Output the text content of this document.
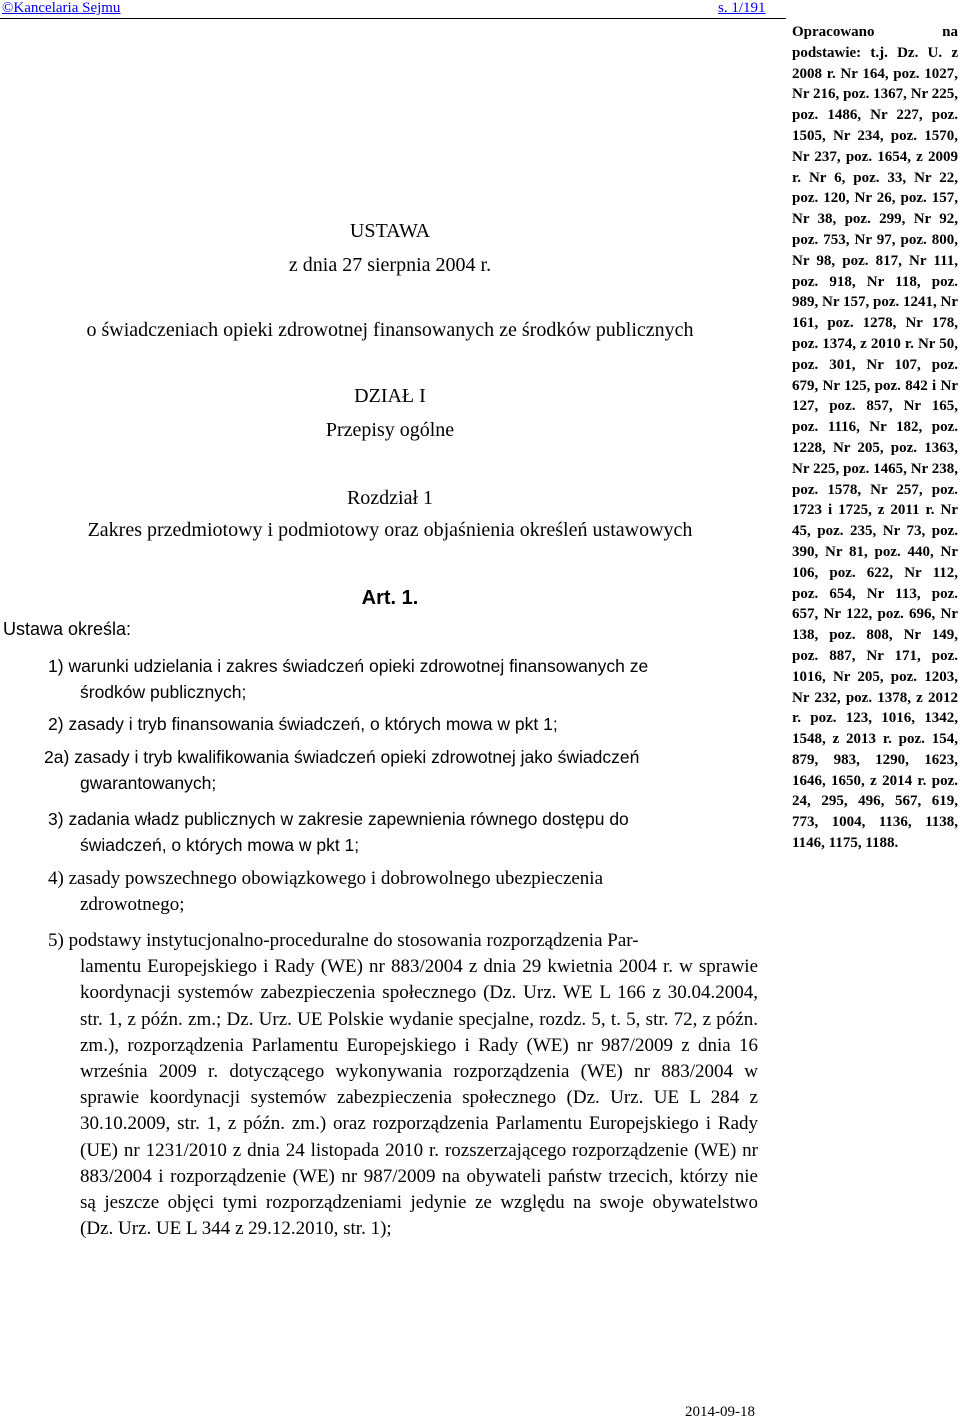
©Kancelaria Sejmu	s. 1/191
Opracowano na podstawie: t.j. Dz. U. z 2008 r. Nr 164, poz. 1027, Nr 216, poz. 1367, Nr 225, poz. 1486, Nr 227, poz. 1505, Nr 234, poz. 1570, Nr 237, poz. 1654, z 2009 r. Nr 6, poz. 33, Nr 22, poz. 120, Nr 26, poz. 157, Nr 38, poz. 299, Nr 92, poz. 753, Nr 97, poz. 800, Nr 98, poz. 817, Nr 111, poz. 918, Nr 118, poz. 989, Nr 157, poz. 1241, Nr 161, poz. 1278, Nr 178, poz. 1374, z 2010 r. Nr 50, poz. 301, Nr 107, poz. 679, Nr 125, poz. 842 i Nr 127, poz. 857, Nr 165, poz. 1116, Nr 182, poz. 1228, Nr 205, poz. 1363, Nr 225, poz. 1465, Nr 238, poz. 1578, Nr 257, poz. 1723 i 1725, z 2011 r. Nr 45, poz. 235, Nr 73, poz. 390, Nr 81, poz. 440, Nr 106, poz. 622, Nr 112, poz. 654, Nr 113, poz. 657, Nr 122, poz. 696, Nr 138, poz. 808, Nr 149, poz. 887, Nr 171, poz. 1016, Nr 205, poz. 1203, Nr 232, poz. 1378, z 2012 r. poz. 123, 1016, 1342, 1548, z 2013 r. poz. 154, 879, 983, 1290, 1623, 1646, 1650, z 2014 r. poz. 24, 295, 496, 567, 619, 773, 1004, 1136, 1138, 1146, 1175, 1188.
USTAWA
z dnia 27 sierpnia 2004 r.
o świadczeniach opieki zdrowotnej finansowanych ze środków publicznych
DZIAŁ I
Przepisy ogólne
Rozdział 1
Zakres przedmiotowy i podmiotowy oraz objaśnienia określeń ustawowych
Art. 1.
Ustawa określa:
1) warunki udzielania i zakres świadczeń opieki zdrowotnej finansowanych ze
środków publicznych;
2) zasady i tryb finansowania świadczeń, o których mowa w pkt 1;
2a) zasady i tryb kwalifikowania świadczeń opieki zdrowotnej jako świadczeń
gwarantowanych;
3) zadania władz publicznych w zakresie zapewnienia równego dostępu do
świadczeń, o których mowa w pkt 1;
4) zasady powszechnego obowiązkowego i dobrowolnego ubezpieczenia
zdrowotnego;
5) podstawy instytucjonalno-proceduralne do stosowania rozporządzenia Par-
lamentu Europejskiego i Rady (WE) nr 883/2004 z dnia 29 kwietnia 2004 r. w sprawie koordynacji systemów zabezpieczenia społecznego (Dz. Urz. WE L 166 z 30.04.2004, str. 1, z późn. zm.; Dz. Urz. UE Polskie wydanie specjalne, rozdz. 5, t. 5, str. 72, z późn. zm.), rozporządzenia Parlamentu Europejskiego i Rady (WE) nr 987/2009 z dnia 16 września 2009 r. dotyczącego wykonywania rozporządzenia (WE) nr 883/2004 w sprawie koordynacji systemów zabezpieczenia społecznego (Dz. Urz. UE L 284 z 30.10.2009, str. 1, z późn. zm.) oraz rozporządzenia Parlamentu Europejskiego i Rady (UE) nr 1231/2010 z dnia 24 listopada 2010 r. rozszerzającego rozporządzenie (WE) nr 883/2004 i rozporządzenie (WE) nr 987/2009 na obywateli państw trzecich, którzy nie są jeszcze objęci tymi rozporządzeniami jedynie ze względu na swoje obywatelstwo (Dz. Urz. UE L 344 z 29.12.2010, str. 1);
2014-09-18
